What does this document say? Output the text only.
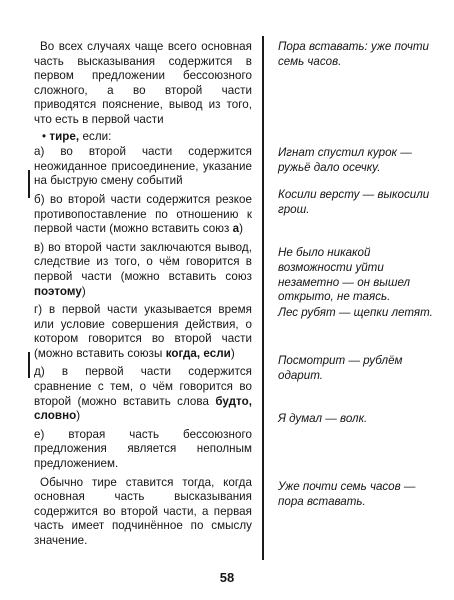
Во всех случаях чаще всего основная часть высказывания содержится в первом предложении бессоюзного сложного, а во второй части приводятся пояснение, вывод из того, что есть в первой части

• тире, если:

а) во второй части содержится неожиданное присоединение, указание на быструю смену событий

б) во второй части содержится резкое противопоставление по отношению к первой части (можно вставить союз а)

в) во второй части заключаются вывод, следствие из того, о чём говорится в первой части (можно вставить союз поэтому)

г) в первой части указывается время или условие совершения действия, о котором говорится во второй части (можно вставить союзы когда, если)

д) в первой части содержится сравнение с тем, о чём говорится во второй (можно вставить слова будто, словно)

е) вторая часть бессоюзного предложения является неполным предложением.

Обычно тире ставится тогда, когда основная часть высказывания содержится во второй части, а первая часть имеет подчинённое по смыслу значение.

Пора вставать: уже почти семь часов.
Игнат спустил курок — ружьё дало осечку.
Косили версту — выкосили грош.
Не было никакой возможности уйти незаметно — он вышел открыто, не таясь.
Лес рубят — щепки летят.
Посмотрит — рублём одарит.
Я думал — волк.
Уже почти семь часов — пора вставать.
58
